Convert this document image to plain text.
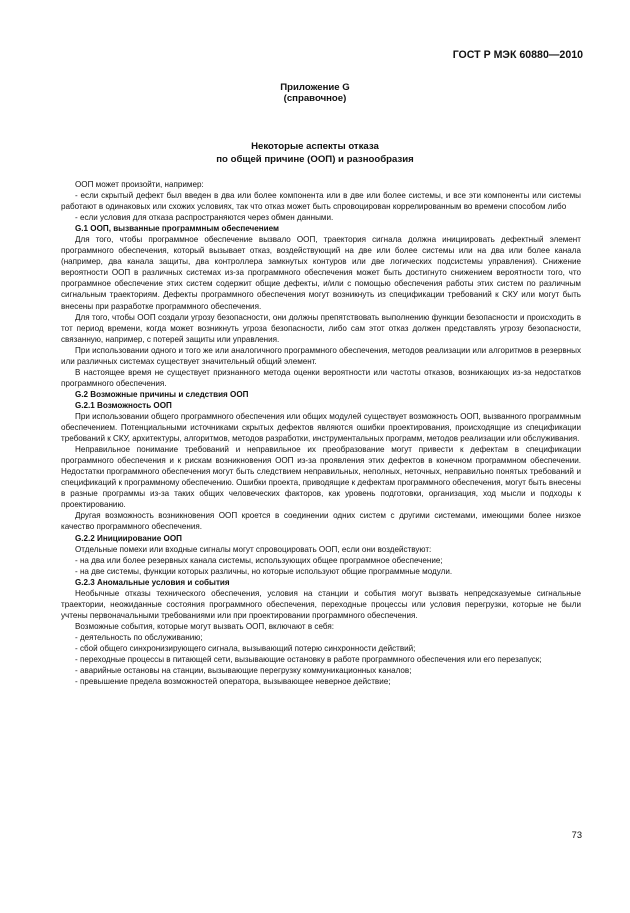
ГОСТ Р МЭК 60880—2010
Приложение G
(справочное)
Некоторые аспекты отказа
по общей причине (ООП) и разнообразия

ООП может произойти, например:

- если скрытый дефект был введен в два или более компонента или в две или более системы, и все эти компоненты или системы работают в одинаковых или схожих условиях, так что отказ может быть спровоцирован коррелированным во времени способом либо

- если условия для отказа распространяются через обмен данными.

G.1 ООП, вызванные программным обеспечением

Для того, чтобы программное обеспечение вызвало ООП, траектория сигнала должна инициировать дефектный элемент программного обеспечения, который вызывает отказ, воздействующий на две или более системы или на два или более канала (например, два канала защиты, два контроллера замкнутых контуров или две логических подсистемы управления). Снижение вероятности ООП в различных системах из-за программного обеспечения может быть достигнуто снижением вероятности того, что программное обеспечение этих систем содержит общие дефекты, и/или с помощью обеспечения работы этих систем по различным сигнальным траекториям. Дефекты программного обеспечения могут возникнуть из спецификации требований к СКУ или могут быть внесены при разработке программного обеспечения.

Для того, чтобы ООП создали угрозу безопасности, они должны препятствовать выполнению функции безопасности и происходить в тот период времени, когда может возникнуть угроза безопасности, либо сам этот отказ должен представлять угрозу безопасности, связанную, например, с потерей защиты или управления.

При использовании одного и того же или аналогичного программного обеспечения, методов реализации или алгоритмов в резервных или различных системах существует значительный общий элемент.

В настоящее время не существует признанного метода оценки вероятности или частоты отказов, возникающих из-за недостатков программного обеспечения.

G.2 Возможные причины и следствия ООП

G.2.1 Возможность ООП

При использовании общего программного обеспечения или общих модулей существует возможность ООП, вызванного программным обеспечением. Потенциальными источниками скрытых дефектов являются ошибки проектирования, происходящие из спецификации требований к СКУ, архитектуры, алгоритмов, методов разработки, инструментальных программ, методов реализации или обслуживания.

Неправильное понимание требований и неправильное их преобразование могут привести к дефектам в спецификации программного обеспечения и к рискам возникновения ООП из-за проявления этих дефектов в конечном программном обеспечении. Недостатки программного обеспечения могут быть следствием неправильных, неполных, неточных, неправильно понятых требований и спецификаций к программному обеспечению. Ошибки проекта, приводящие к дефектам программного обеспечения, могут быть внесены в разные программы из-за таких общих человеческих факторов, как уровень подготовки, организация, ход мысли и подходы к проектированию.

Другая возможность возникновения ООП кроется в соединении одних систем с другими системами, имеющими более низкое качество программного обеспечения.

G.2.2 Инициирование ООП

Отдельные помехи или входные сигналы могут спровоцировать ООП, если они воздействуют:

- на два или более резервных канала системы, использующих общее программное обеспечение;

- на две системы, функции которых различны, но которые используют общие программные модули.

G.2.3 Аномальные условия и события

Необычные отказы технического обеспечения, условия на станции и события могут вызвать непредсказуемые сигнальные траектории, неожиданные состояния программного обеспечения, переходные процессы или условия перегрузки, которые не были учтены первоначальными требованиями или при проектировании программного обеспечения.

Возможные события, которые могут вызвать ООП, включают в себя:

- деятельность по обслуживанию;

- сбой общего синхронизирующего сигнала, вызывающий потерю синхронности действий;

- переходные процессы в питающей сети, вызывающие остановку в работе программного обеспечения или его перезапуск;

- аварийные остановы на станции, вызывающие перегрузку коммуникационных каналов;

- превышение предела возможностей оператора, вызывающее неверное действие;

73
